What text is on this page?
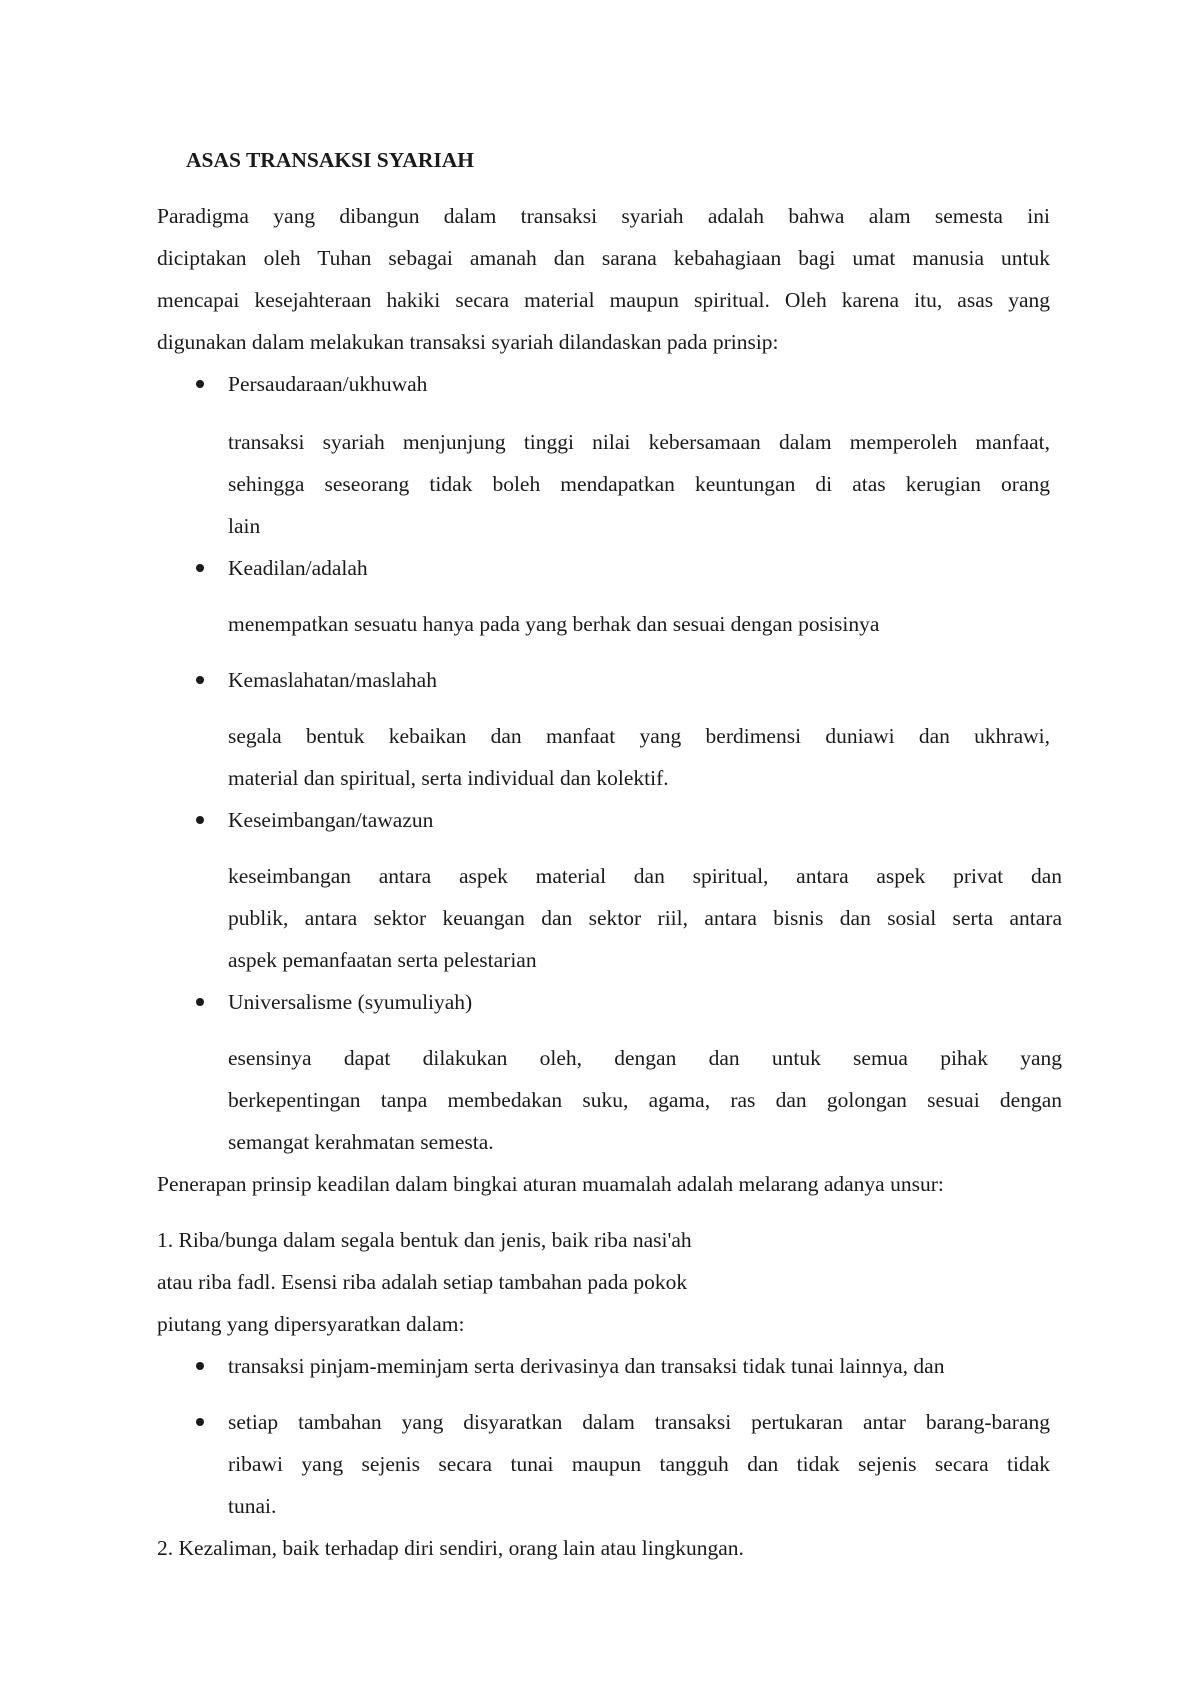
ASAS TRANSAKSI SYARIAH

Paradigma yang dibangun dalam transaksi syariah adalah bahwa alam semesta ini

diciptakan oleh Tuhan sebagai amanah dan sarana kebahagiaan bagi umat manusia untuk

mencapai kesejahteraan hakiki secara material maupun spiritual. Oleh karena itu, asas yang

digunakan dalam melakukan transaksi syariah dilandaskan pada prinsip:

Persaudaraan/ukhuwah

transaksi syariah menjunjung tinggi nilai kebersamaan dalam memperoleh manfaat,

sehingga seseorang tidak boleh mendapatkan keuntungan di atas kerugian orang

lain

Keadilan/adalah

menempatkan sesuatu hanya pada yang berhak dan sesuai dengan posisinya

Kemaslahatan/maslahah

segala bentuk kebaikan dan manfaat yang berdimensi duniawi dan ukhrawi,

material dan spiritual, serta individual dan kolektif.

Keseimbangan/tawazun

keseimbangan antara aspek material dan spiritual, antara aspek privat dan

publik, antara sektor keuangan dan sektor riil, antara bisnis dan sosial serta antara

aspek pemanfaatan serta pelestarian

Universalisme (syumuliyah)

esensinya dapat dilakukan oleh, dengan dan untuk semua pihak yang

berkepentingan tanpa membedakan suku, agama, ras dan golongan sesuai dengan

semangat kerahmatan semesta.

Penerapan prinsip keadilan dalam bingkai aturan muamalah adalah melarang adanya unsur:

1. Riba/bunga dalam segala bentuk dan jenis, baik riba nasi'ah

atau riba fadl. Esensi riba adalah setiap tambahan pada pokok

piutang yang dipersyaratkan dalam:

transaksi pinjam-meminjam serta derivasinya dan transaksi tidak tunai lainnya, dan

setiap tambahan yang disyaratkan dalam transaksi pertukaran antar barang-barang

ribawi yang sejenis secara tunai maupun tangguh dan tidak sejenis secara tidak

tunai.

2. Kezaliman, baik terhadap diri sendiri, orang lain atau lingkungan.
